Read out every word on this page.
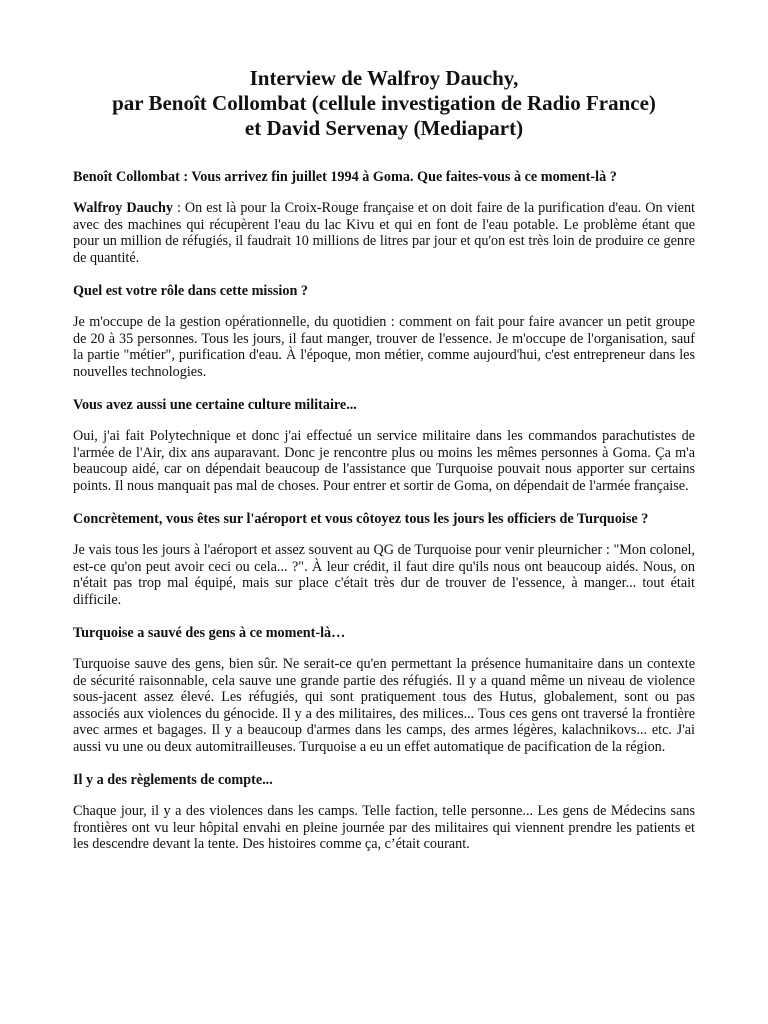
Interview de Walfroy Dauchy,
par Benoît Collombat (cellule investigation de Radio France)
et David Servenay (Mediapart)

Benoît Collombat : Vous arrivez fin juillet 1994 à Goma. Que faites-vous à ce moment-là ?

Walfroy Dauchy : On est là pour la Croix-Rouge française et on doit faire de la purification d'eau. On vient avec des machines qui récupèrent l'eau du lac Kivu et qui en font de l'eau potable. Le problème étant que pour un million de réfugiés, il faudrait 10 millions de litres par jour et qu'on est très loin de produire ce genre de quantité.

Quel est votre rôle dans cette mission ?

Je m'occupe de la gestion opérationnelle, du quotidien : comment on fait pour faire avancer un petit groupe de 20 à 35 personnes. Tous les jours, il faut manger, trouver de l'essence. Je m'occupe de l'organisation, sauf la partie "métier", purification d'eau. À l'époque, mon métier, comme aujourd'hui, c'est entrepreneur dans les nouvelles technologies.

Vous avez aussi une certaine culture militaire...

Oui, j'ai fait Polytechnique et donc j'ai effectué un service militaire dans les commandos parachutistes de l'armée de l'Air, dix ans auparavant. Donc je rencontre plus ou moins les mêmes personnes à Goma. Ça m'a beaucoup aidé, car on dépendait beaucoup de l'assistance que Turquoise pouvait nous apporter sur certains points. Il nous manquait pas mal de choses. Pour entrer et sortir de Goma, on dépendait de l'armée française.

Concrètement, vous êtes sur l'aéroport et vous côtoyez tous les jours les officiers de Turquoise ?

Je vais tous les jours à l'aéroport et assez souvent au QG de Turquoise pour venir pleurnicher : "Mon colonel, est-ce qu'on peut avoir ceci ou cela... ?". À leur crédit, il faut dire qu'ils nous ont beaucoup aidés. Nous, on n'était pas trop mal équipé, mais sur place c'était très dur de trouver de l'essence, à manger... tout était difficile.

Turquoise a sauvé des gens à ce moment-là…

Turquoise sauve des gens, bien sûr. Ne serait-ce qu'en permettant la présence humanitaire dans un contexte de sécurité raisonnable, cela sauve une grande partie des réfugiés. Il y a quand même un niveau de violence sous-jacent assez élevé. Les réfugiés, qui sont pratiquement tous des Hutus, globalement, sont ou pas associés aux violences du génocide. Il y a des militaires, des milices... Tous ces gens ont traversé la frontière avec armes et bagages. Il y a beaucoup d'armes dans les camps, des armes légères, kalachnikovs... etc. J'ai aussi vu une ou deux automitrailleuses. Turquoise a eu un effet automatique de pacification de la région.

Il y a des règlements de compte...

Chaque jour, il y a des violences dans les camps. Telle faction, telle personne... Les gens de Médecins sans frontières ont vu leur hôpital envahi en pleine journée par des militaires qui viennent prendre les patients et les descendre devant la tente. Des histoires comme ça, c’était courant.
